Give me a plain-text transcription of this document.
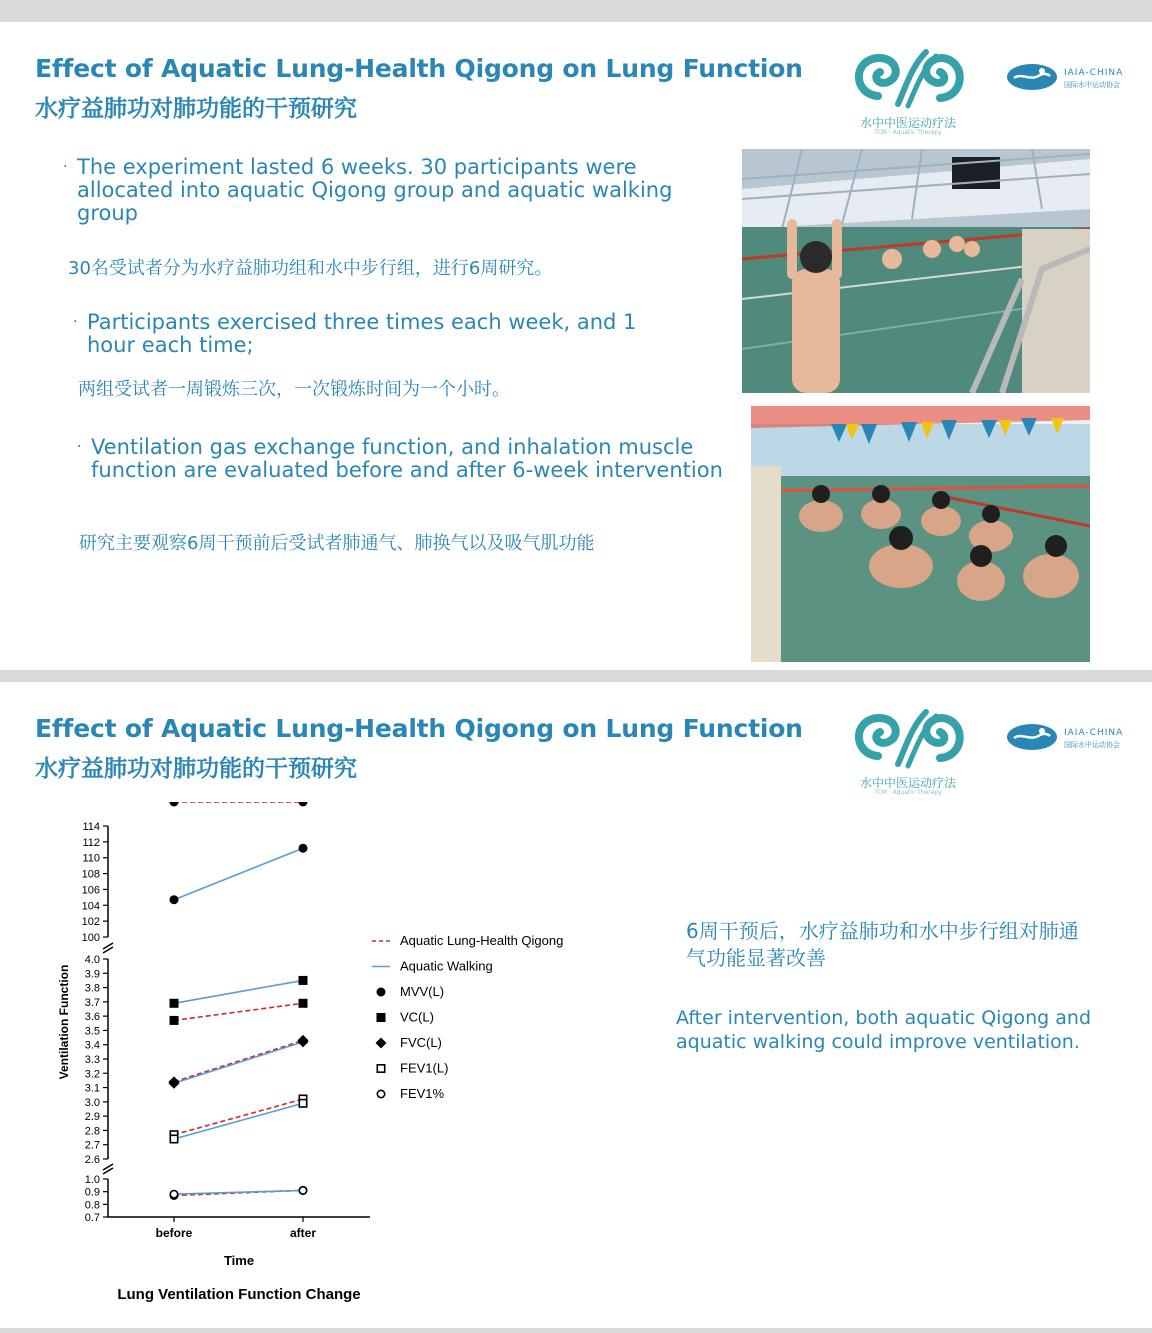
Effect of Aquatic Lung-Health Qigong on Lung Function
水疗益肺功对肺功能的干预研究
水中中医运动疗法
TCM · Aquatic Therapy
IAIA-CHINA
国际水中运动协会
· The experiment lasted 6 weeks. 30 participants were allocated into aquatic Qigong group and aquatic walking group
30名受试者分为水疗益肺功组和水中步行组，进行6周研究。
· Participants exercised three times each week, and 1 hour each time;
两组受试者一周锻炼三次，一次锻炼时间为一个小时。
· Ventilation gas exchange function, and inhalation muscle function are evaluated before and after 6-week intervention
研究主要观察6周干预前后受试者肺通气、肺换气以及吸气肌功能
Effect of Aquatic Lung-Health Qigong on Lung Function
水疗益肺功对肺功能的干预研究
水中中医运动疗法
TCM · Aquatic Therapy
IAIA-CHINA
国际水中运动协会
0.7
0.8
0.9
1.0
2.6
2.7
2.8
2.9
3.0
3.1
3.2
3.3
3.4
3.5
3.6
3.7
3.8
3.9
4.0
100
102
104
106
108
110
112
114
before	after
Time
Ventilation Function
Lung Ventilation Function Change
Aquatic Lung-Health Qigong
Aquatic Walking
MVV(L)
VC(L)
FVC(L)
FEV1(L)
FEV1%
6周干预后，水疗益肺功和水中步行组对肺通气功能显著改善
After intervention, both aquatic Qigong and aquatic walking could improve ventilation.
